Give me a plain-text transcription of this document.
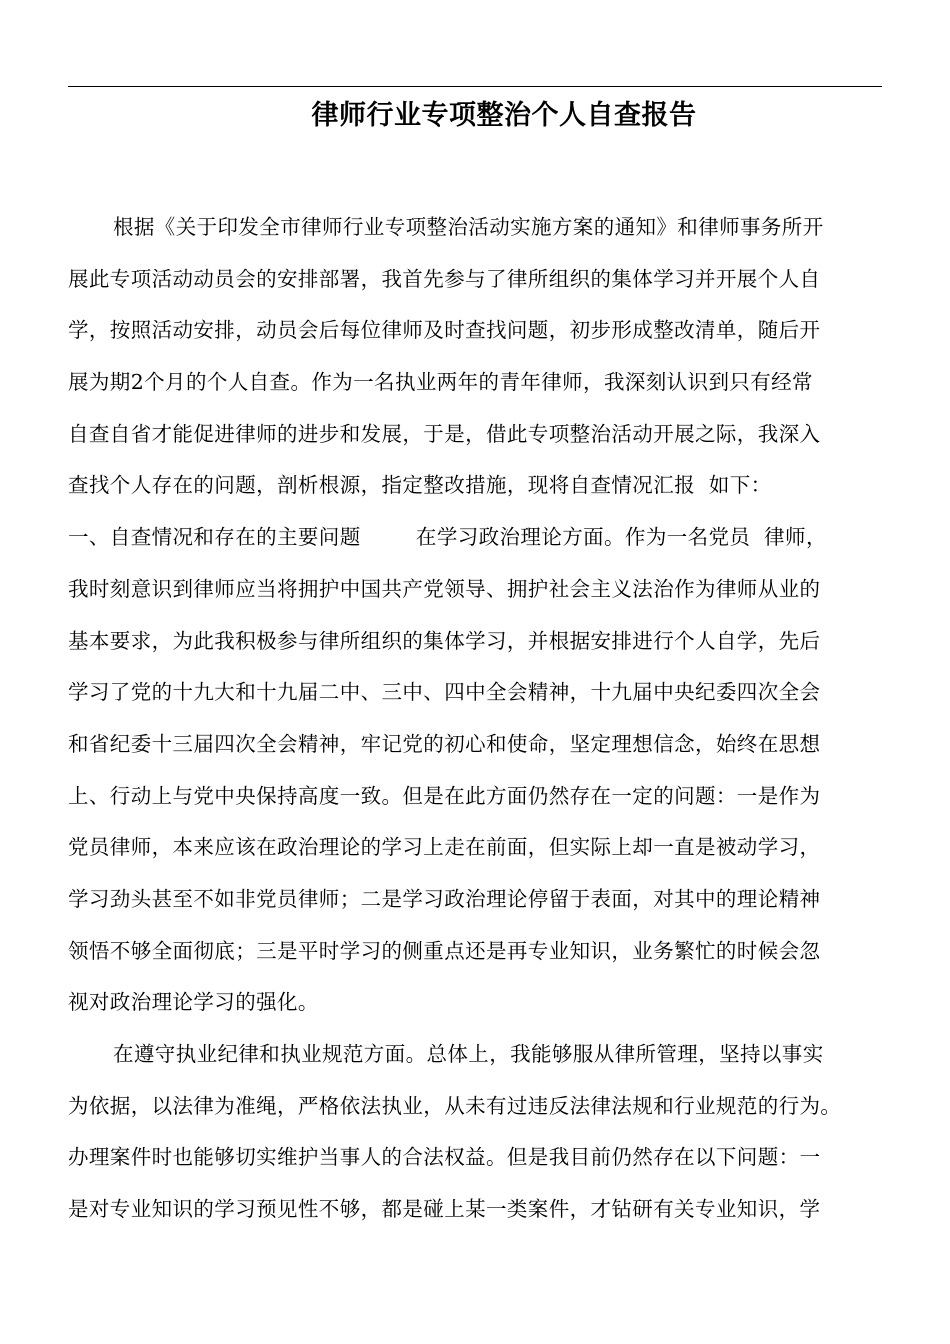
律师行业专项整治个人自查报告
根据《关于印发全市律师行业专项整治活动实施方案的通知》和律师事务所开
展此专项活动动员会的安排部署，我首先参与了律所组织的集体学习并开展个人自
学，按照活动安排，动员会后每位律师及时查找问题，初步形成整改清单，随后开
展为期2个月的个人自查。作为一名执业两年的青年律师，我深刻认识到只有经常
自查自省才能促进律师的进步和发展，于是，借此专项整治活动开展之际，我深入
查找个人存在的问题，剖析根源，指定整改措施，现将自查情况汇报  如下：
一、自查情况和存在的主要问题        在学习政治理论方面。作为一名党员  律师，
我时刻意识到律师应当将拥护中国共产党领导、拥护社会主义法治作为律师从业的
基本要求，为此我积极参与律所组织的集体学习，并根据安排进行个人自学，先后
学习了党的十九大和十九届二中、三中、四中全会精神，十九届中央纪委四次全会
和省纪委十三届四次全会精神，牢记党的初心和使命，坚定理想信念，始终在思想
上、行动上与党中央保持高度一致。但是在此方面仍然存在一定的问题：一是作为
党员律师，本来应该在政治理论的学习上走在前面，但实际上却一直是被动学习，
学习劲头甚至不如非党员律师；二是学习政治理论停留于表面，对其中的理论精神
领悟不够全面彻底；三是平时学习的侧重点还是再专业知识，业务繁忙的时候会忽
视对政治理论学习的强化。
在遵守执业纪律和执业规范方面。总体上，我能够服从律所管理，坚持以事实
为依据，以法律为准绳，严格依法执业，从未有过违反法律法规和行业规范的行为。
办理案件时也能够切实维护当事人的合法权益。但是我目前仍然存在以下问题：一
是对专业知识的学习预见性不够，都是碰上某一类案件，才钻研有关专业知识，学
